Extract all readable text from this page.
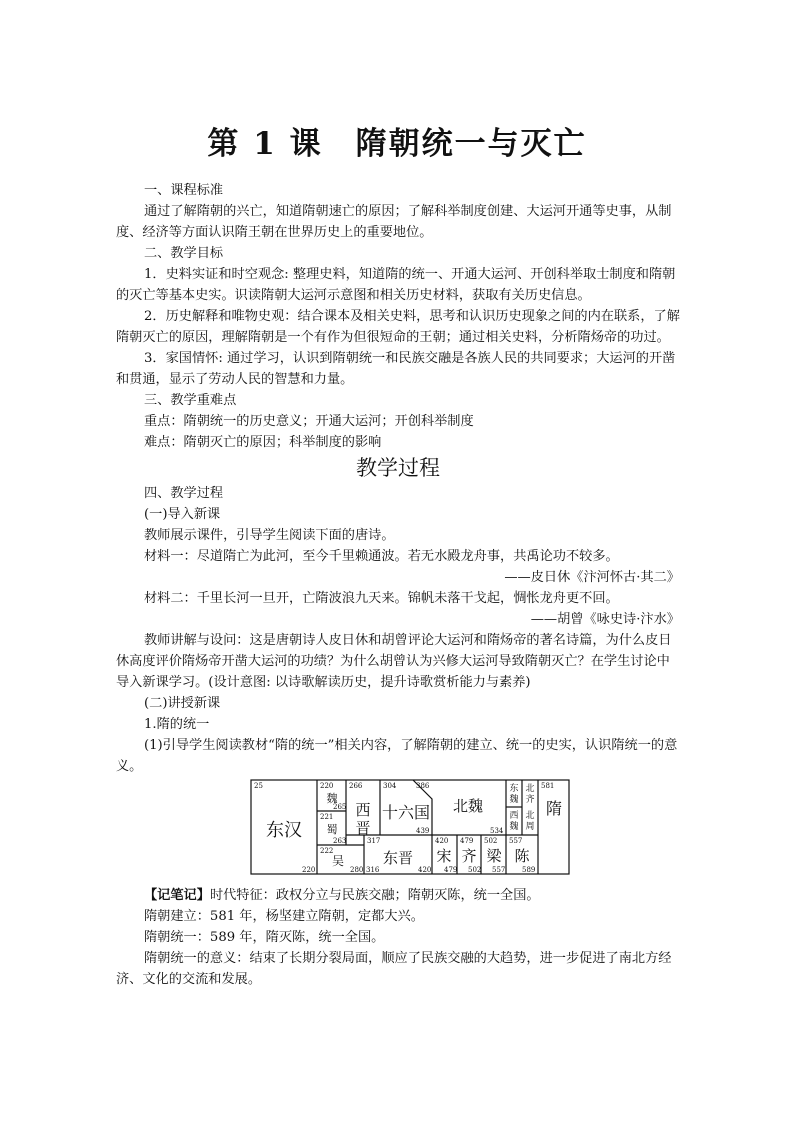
第 1 课　隋朝统一与灭亡

一、课程标准

通过了解隋朝的兴亡，知道隋朝速亡的原因；了解科举制度创建、大运河开通等史事，从制度、经济等方面认识隋王朝在世界历史上的重要地位。

二、教学目标

1．史料实证和时空观念: 整理史料，知道隋的统一、开通大运河、开创科举取士制度和隋朝的灭亡等基本史实。识读隋朝大运河示意图和相关历史材料，获取有关历史信息。

2．历史解释和唯物史观：结合课本及相关史料，思考和认识历史现象之间的内在联系，了解隋朝灭亡的原因，理解隋朝是一个有作为但很短命的王朝；通过相关史料，分析隋炀帝的功过。

3．家国情怀: 通过学习，认识到隋朝统一和民族交融是各族人民的共同要求；大运河的开凿和贯通，显示了劳动人民的智慧和力量。

三、教学重难点

重点：隋朝统一的历史意义；开通大运河；开创科举制度

难点：隋朝灭亡的原因；科举制度的影响

教学过程

四、教学过程

(一)导入新课

教师展示课件，引导学生阅读下面的唐诗。

材料一：尽道隋亡为此河，至今千里赖通波。若无水殿龙舟事，共禹论功不较多。

——皮日休《汴河怀古·其二》

材料二：千里长河一旦开，亡隋波浪九天来。锦帆未落干戈起，惆怅龙舟更不回。

——胡曾《咏史诗·汴水》

教师讲解与设问：这是唐朝诗人皮日休和胡曾评论大运河和隋炀帝的著名诗篇，为什么皮日休高度评价隋炀帝开凿大运河的功绩？为什么胡曾认为兴修大运河导致隋朝灭亡？在学生讨论中导入新课学习。(设计意图: 以诗歌解读历史，提升诗歌赏析能力与素养)

(二)讲授新课

1.隋的统一

(1)引导学生阅读教材“隋的统一”相关内容，了解隋朝的建立、统一的史实，认识隋统一的意义。

25
东汉
220
220
魏
265
221
蜀
263
222
吴
280
266
西
晋
316
304
十六国
386
北魏
439	534
317
东晋
420
420
宋
479
479
齐
502
502
梁
557
东
魏
西
魏
北
齐
北
周
557
陈
589
581
隋

【记笔记】时代特征：政权分立与民族交融；隋朝灭陈，统一全国。

隋朝建立：581 年，杨坚建立隋朝，定都大兴。

隋朝统一：589 年，隋灭陈，统一全国。

隋朝统一的意义：结束了长期分裂局面，顺应了民族交融的大趋势，进一步促进了南北方经济、文化的交流和发展。
